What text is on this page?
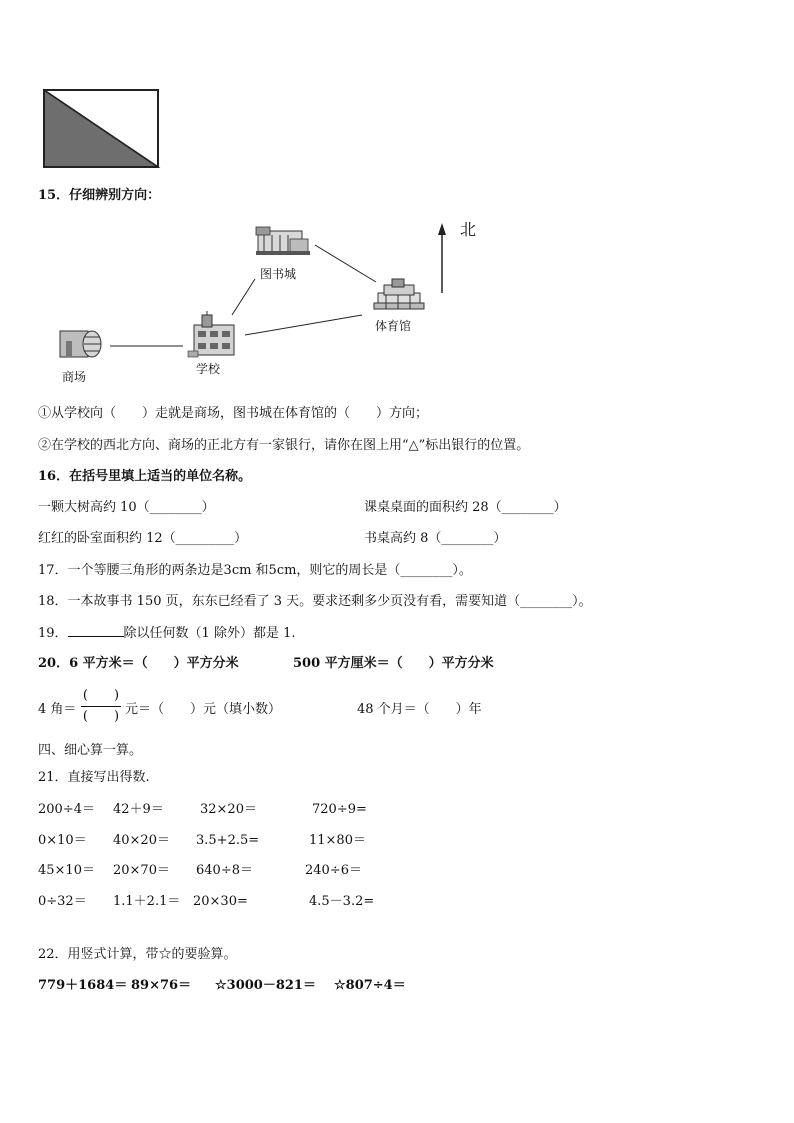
15．仔细辨别方向：
北
图书城
体育馆
商场
学校
①从学校向（　　）走就是商场，图书城在体育馆的（　　）方向；
②在学校的西北方向、商场的正北方有一家银行，请你在图上用“△”标出银行的位置。
16．在括号里填上适当的单位名称。
一颗大树高约 10（________）	课桌桌面的面积约 28（________）
红红的卧室面积约 12（_________）	书桌高约 8（________）
17．一个等腰三角形的两条边是3cm 和5cm，则它的周长是（________）。
18．一本故事书 150 页，东东已经看了 3 天。要求还剩多少页没有看，需要知道（________）。
19．	除以任何数（1 除外）都是 1.
20．6 平方米＝（　　）平方分米	500 平方厘米＝（　　）平方分米
4 角＝
(　　)
(　　) 元＝（　　）元（填小数）	48 个月＝（　　）年
四、细心算一算。
21．直接写出得数.
200÷4＝ 42＋9＝	32×20＝	720÷9=
0×10＝ 40×20＝ 3.5+2.5=	11×80＝
45×10＝ 20×70＝ 640÷8＝	240÷6＝
0÷32＝ 1.1＋2.1＝ 20×30=	4.5－3.2=
22．用竖式计算，带☆的要验算。
779＋1684＝ 89×76＝ ☆3000－821＝ ☆807÷4＝
